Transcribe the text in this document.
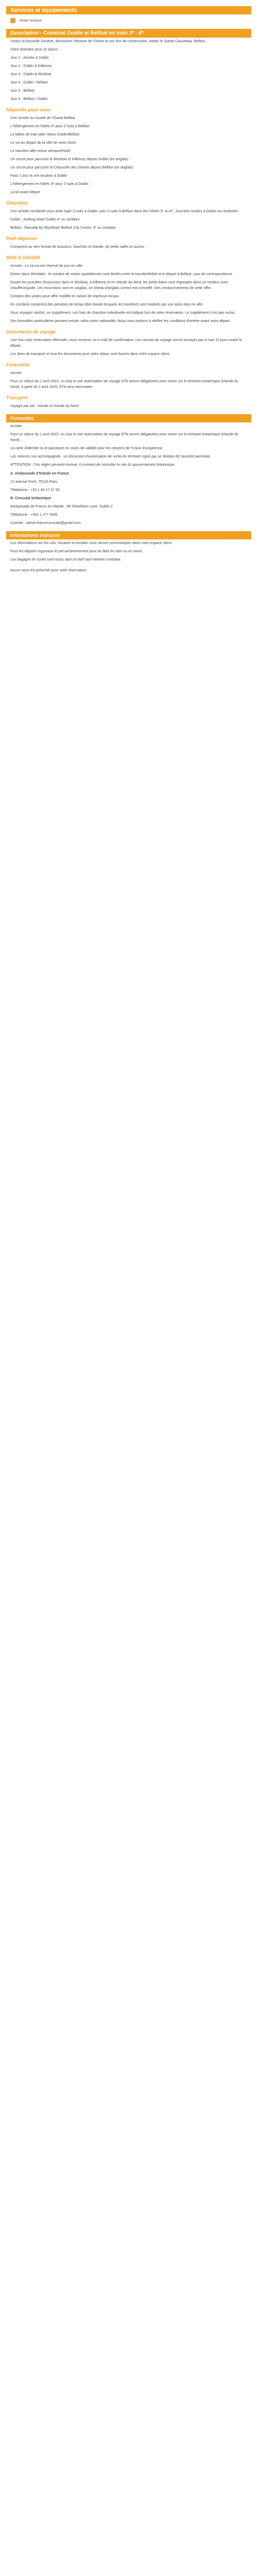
Services et équipements
Visiter lestoue
Description - Combiné Dublin et Belfast en train 3* - 4*
Visitez la Nouvelle Genève, découvrez l'Histoire de l'Ouest et son lien de construction, visitez le Giants Causeway, Belfast...
Votre Itinéraire pour ce séjour :
Jour 1 : Arrivée à Dublin
Jour 2 : Dublin & Kilkenny
Jour 3 : Dublin & Wicklow
Jour 4 : Dublin / Belfast
Jour 5 : Belfast
Jour 6 : Belfast / Dublin
Négociés pour vous
Une arrivée au musée de l'Ouest Belfast
L'hébergement en hôtels 3* pour 2 nuits à Belfast
Le billets de train aller-retour Dublin/Belfast
Le vol au départ de la ville de votre choix
Le transfert aller-retour aéroport/hôtel
Un circuit pour parcourir le Wicklow et Kilkenny depuis Dublin (en anglais)
Un circuit pour parcourir la Chaussée des Géants depuis Belfast (en anglais)
Pass 1 jour et une location à Dublin
L'hébergement en hôtels 4* pour 3 nuits à Dublin
La kit avant départ
Ghendres
Une arrivée combinée vous amie login 3 nuits à Dublin, puis 3 nuits à Belfast dans des hôtels 3* ou 4*. Journées locales à Dublin ou restitution :
Dublin : Ashling Hotel Dublin 4* ou similaire
Belfast : Ramada by Wyndham Belfast City Center, 3* ou similaire
Petit-déjeuner
Comprend au sein format de buissons, tranches et Irlande, de petits salés et sucrés.
BON À SAVOIR
Arrivée : Le circuit est réservé de jour en ville.
Entrez dans Westlake : le nombre de visites quotidiennes sont limités entre le transfert/hôtel et le départ à Belfast ; pas de correspondance.
Durant les journées d'excursion dans le Wicklow, à Kilkenny et en Irlande du Nord, les petits-bains sont regroupés dans un minibus avec chauffeur/guide. Les excursions sont en anglais, un niveau d'anglais correct est conseillé. Des remboursements de cette offre.
Certains des visites pour offre modifié en raison de imprévus locaux.
En combiné comprend des périodes de temps libre durant lesquels les transferts sont réalisés par vos soins dans la ville.
Vous voyagez seul(e), en supplément, vos frais de chambre individuelle est indiqué lors de votre réservation. Le supplément n'est pas inclus.
Des formalités particulières peuvent exister selon votre nationalité. Nous vous invitons à vérifier les conditions d'entrée avant votre départ.
Documents de voyage
Une fois votre réservation effectuée, vous recevrez un e-mail de confirmation. Les carnets de voyage seront envoyés par e-mail 10 jours avant le départ.
Les titres de transport et tous les documents pour votre séjour sont fournis dans votre espace client.
Formalités
Arrivée
Pour un séjour du 1 avril 2023, un visa et une autorisation de voyage ETA seront obligatoires pour entrer sur le territoire britannique (Irlande du Nord). A partir du 2 avril 2025, ETA sera nécessaire.
Transport
Voyage par rail : Irlande et Irlande du Nord.
Formalités
Arrivée
Pour un séjour du 1 avril 2025, un visa et une autorisation de voyage ETA seront obligatoires pour entrer sur le territoire britannique (Irlande du Nord).
La carte d'identité ou le passeport en cours de validité pour les citoyens de l'Union Européenne.
Les mineurs non accompagnés : un document d'autorisation de sortie du territoire signé par un titulaire de l'autorité parentale.
ATTENTION : Ces règles peuvent évoluer, il convient de consulter le site du gouvernement britannique.
A. Ambassade d'Irlande en France
12 avenue Foch, 75116 Paris
Téléphone : +33 1 44 17 67 00
B. Consulat britannique
Ambassade de France en Irlande : 66 Fitzwilliam Lane, Dublin 2
Téléphone : +353 1 277 5000
Courriel : admin-franceconsulat@gmail.com
Informations transport
Les informations sur les vols, horaires et escales vous seront communiqués dans votre espace client.
Pour les départs régionaux le pré-acheminement peut se faire en train ou en avion.
Les bagages en soute sont inclus dans le tarif sauf mention contraire.
Aucun vous est présenté pour votre réservation.
